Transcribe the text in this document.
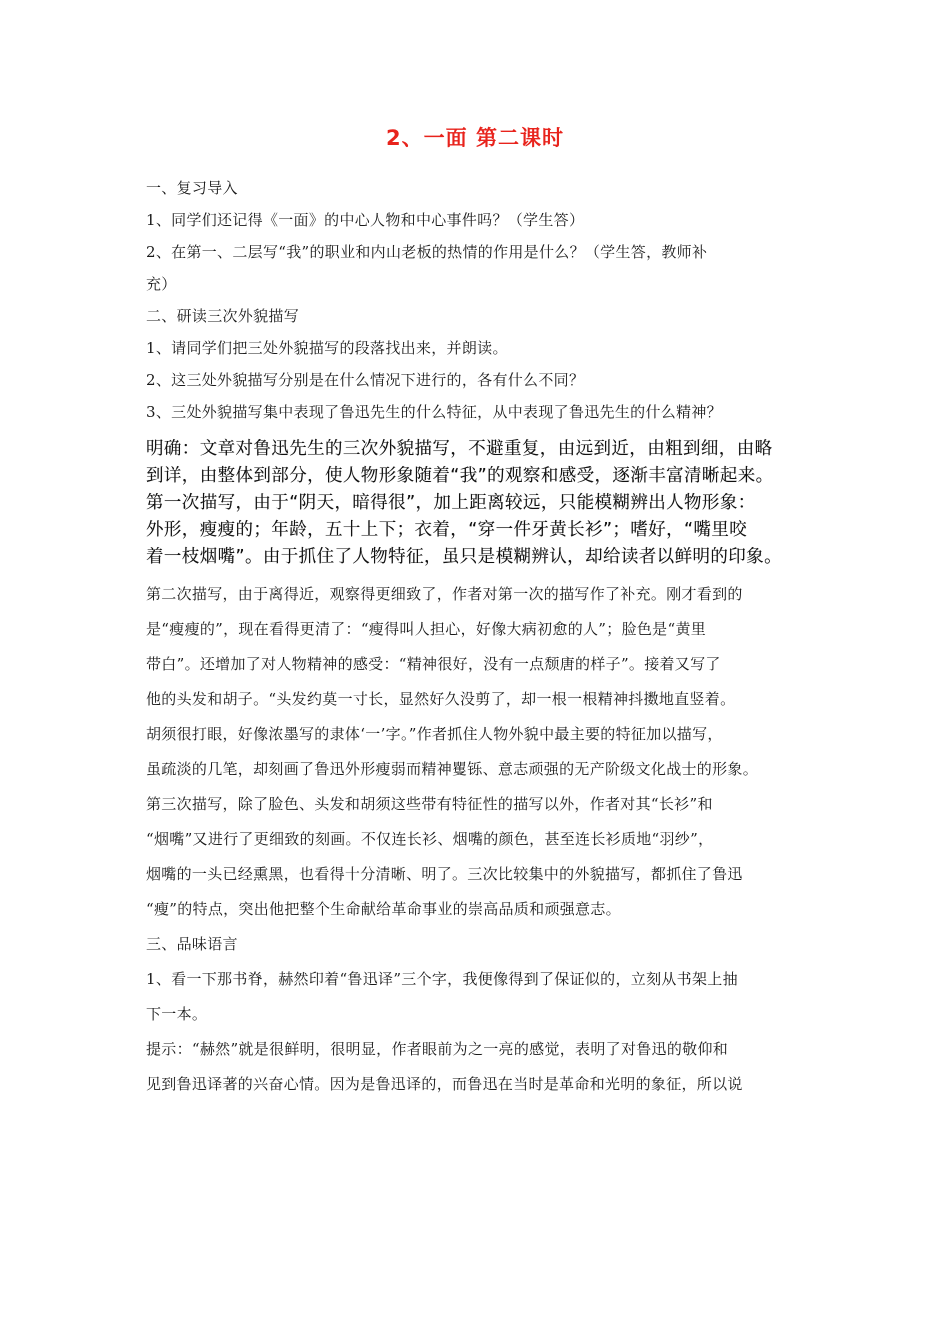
2、一面 第二课时
一、复习导入
1、同学们还记得《一面》的中心人物和中心事件吗？（学生答）
2、在第一、二层写“我”的职业和内山老板的热情的作用是什么？（学生答，教师补
充）
二、研读三次外貌描写
1、请同学们把三处外貌描写的段落找出来，并朗读。
2、这三处外貌描写分别是在什么情况下进行的，各有什么不同？
3、三处外貌描写集中表现了鲁迅先生的什么特征，从中表现了鲁迅先生的什么精神？
明确：文章对鲁迅先生的三次外貌描写，不避重复，由远到近，由粗到细，由略
到详，由整体到部分，使人物形象随着“我”的观察和感受，逐渐丰富清晰起来。
第一次描写，由于“阴天，暗得很”，加上距离较远，只能模糊辨出人物形象：
外形，瘦瘦的；年龄，五十上下；衣着，“穿一件牙黄长衫”；嗜好，“嘴里咬
着一枝烟嘴”。由于抓住了人物特征，虽只是模糊辨认，却给读者以鲜明的印象。
第二次描写，由于离得近，观察得更细致了，作者对第一次的描写作了补充。刚才看到的
是“瘦瘦的”，现在看得更清了：“瘦得叫人担心，好像大病初愈的人”；脸色是“黄里
带白”。还增加了对人物精神的感受：“精神很好，没有一点颓唐的样子”。接着又写了
他的头发和胡子。“头发约莫一寸长，显然好久没剪了，却一根一根精神抖擞地直竖着。
胡须很打眼，好像浓墨写的隶体‘一’字。”作者抓住人物外貌中最主要的特征加以描写，
虽疏淡的几笔，却刻画了鲁迅外形瘦弱而精神矍铄、意志顽强的无产阶级文化战士的形象。
第三次描写，除了脸色、头发和胡须这些带有特征性的描写以外，作者对其“长衫”和
“烟嘴”又进行了更细致的刻画。不仅连长衫、烟嘴的颜色，甚至连长衫质地“羽纱”，
烟嘴的一头已经熏黑，也看得十分清晰、明了。三次比较集中的外貌描写，都抓住了鲁迅
“瘦”的特点，突出他把整个生命献给革命事业的崇高品质和顽强意志。
三、品味语言
1、看一下那书脊，赫然印着“鲁迅译”三个字，我便像得到了保证似的，立刻从书架上抽
下一本。
提示：“赫然”就是很鲜明，很明显，作者眼前为之一亮的感觉，表明了对鲁迅的敬仰和
见到鲁迅译著的兴奋心情。因为是鲁迅译的，而鲁迅在当时是革命和光明的象征，所以说
